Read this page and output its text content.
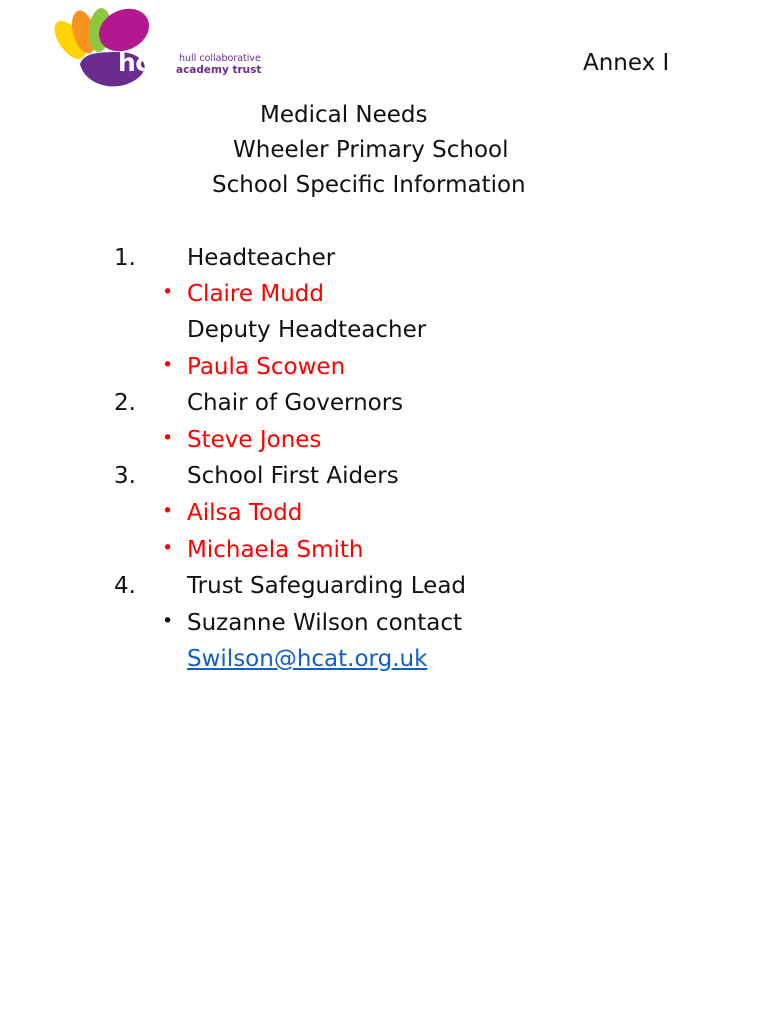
hcat hull collaborative
academy trust	Annex I
Medical Needs
Wheeler Primary School
School Specific Information
1. Headteacher
• Claire Mudd
Deputy Headteacher
• Paula Scowen
2. Chair of Governors
• Steve Jones
3. School First Aiders
• Ailsa Todd
• Michaela Smith
4. Trust Safeguarding Lead
• Suzanne Wilson contact
Swilson@hcat.org.uk
